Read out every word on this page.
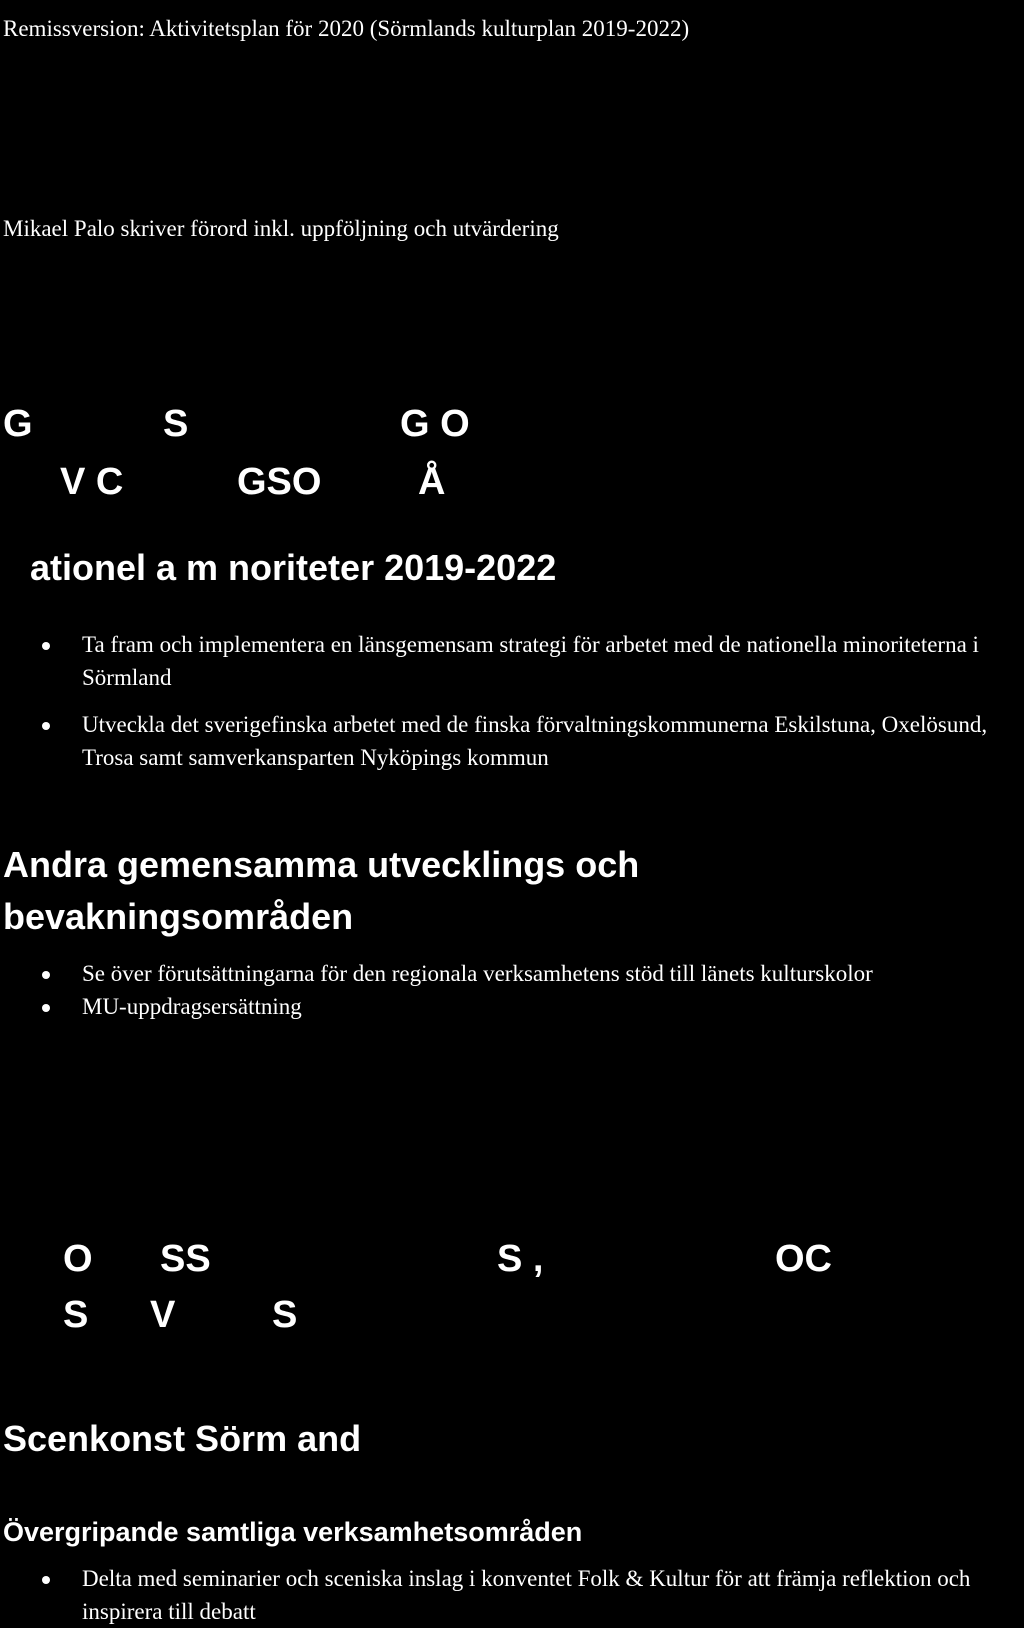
Remissversion: Aktivitetsplan för 2020 (Sörmlands kulturplan 2019-2022)
Mikael Palo skriver förord inkl. uppföljning och utvärdering
G	S	G O
V C	GSO	Å
ationel a m noriteter 2019-2022
Ta fram och implementera en länsgemensam strategi för arbetet med de nationella minoriteterna i Sörmland
Utveckla det sverigefinska arbetet med de finska förvaltningskommunerna Eskilstuna, Oxelösund, Trosa samt samverkansparten Nyköpings kommun
Andra gemensamma utvecklings och
bevakningsområden
Se över förutsättningarna för den regionala verksamhetens stöd till länets kulturskolor
MU-uppdragsersättning
O SS	S ,	OC
S V	S
Scenkonst Sörm and
Övergripande samtliga verksamhetsområden
Delta med seminarier och sceniska inslag i konventet Folk & Kultur för att främja reflektion och inspirera till debatt
